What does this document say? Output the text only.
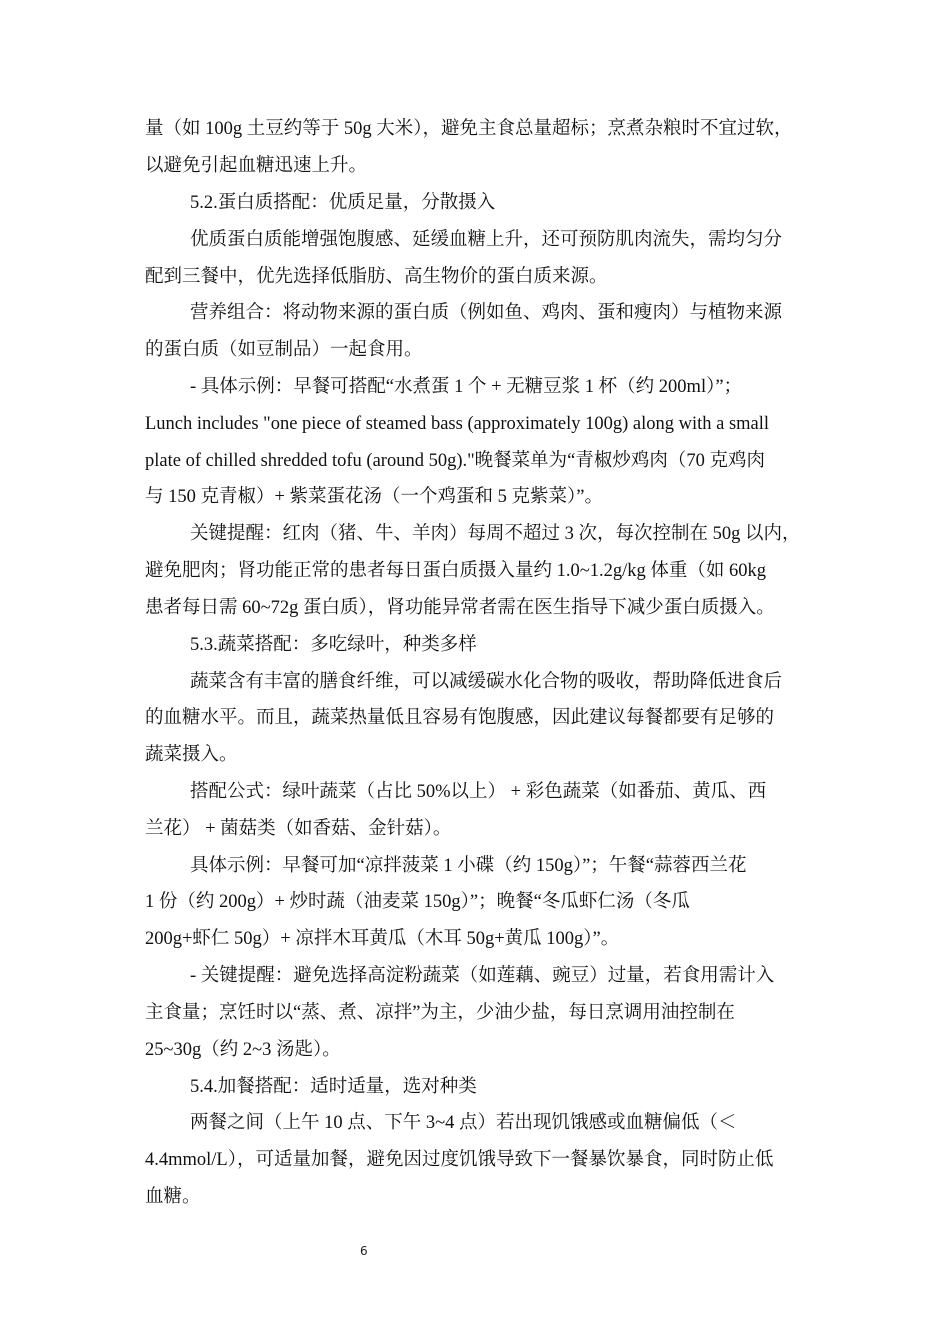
量（如 100g 土豆约等于 50g 大米），避免主食总量超标；烹煮杂粮时不宜过软，
以避免引起血糖迅速上升。
5.2.蛋白质搭配：优质足量，分散摄入
优质蛋白质能增强饱腹感、延缓血糖上升，还可预防肌肉流失，需均匀分
配到三餐中，优先选择低脂肪、高生物价的蛋白质来源。
营养组合：将动物来源的蛋白质（例如鱼、鸡肉、蛋和瘦肉）与植物来源
的蛋白质（如豆制品）一起食用。
- 具体示例：早餐可搭配“水煮蛋 1 个 + 无糖豆浆 1 杯（约 200ml）”；
Lunch includes "one piece of steamed bass (approximately 100g) along with a small
plate of chilled shredded tofu (around 50g)."晚餐菜单为“青椒炒鸡肉（70 克鸡肉
与 150 克青椒）+ 紫菜蛋花汤（一个鸡蛋和 5 克紫菜）”。
关键提醒：红肉（猪、牛、羊肉）每周不超过 3 次，每次控制在 50g 以内，
避免肥肉；肾功能正常的患者每日蛋白质摄入量约 1.0~1.2g/kg 体重（如 60kg
患者每日需 60~72g 蛋白质），肾功能异常者需在医生指导下减少蛋白质摄入。
5.3.蔬菜搭配：多吃绿叶，种类多样
蔬菜含有丰富的膳食纤维，可以减缓碳水化合物的吸收，帮助降低进食后
的血糖水平。而且，蔬菜热量低且容易有饱腹感，因此建议每餐都要有足够的
蔬菜摄入。
搭配公式：绿叶蔬菜（占比 50%以上） + 彩色蔬菜（如番茄、黄瓜、西
兰花） + 菌菇类（如香菇、金针菇）。
具体示例：早餐可加“凉拌菠菜 1 小碟（约 150g）”；午餐“蒜蓉西兰花
1 份（约 200g）+ 炒时蔬（油麦菜 150g）”；晚餐“冬瓜虾仁汤（冬瓜
200g+虾仁 50g）+ 凉拌木耳黄瓜（木耳 50g+黄瓜 100g）”。
- 关键提醒：避免选择高淀粉蔬菜（如莲藕、豌豆）过量，若食用需计入
主食量；烹饪时以“蒸、煮、凉拌”为主，少油少盐，每日烹调用油控制在
25~30g（约 2~3 汤匙）。
5.4.加餐搭配：适时适量，选对种类
两餐之间（上午 10 点、下午 3~4 点）若出现饥饿感或血糖偏低（＜
4.4mmol/L），可适量加餐，避免因过度饥饿导致下一餐暴饮暴食，同时防止低
血糖。
6
